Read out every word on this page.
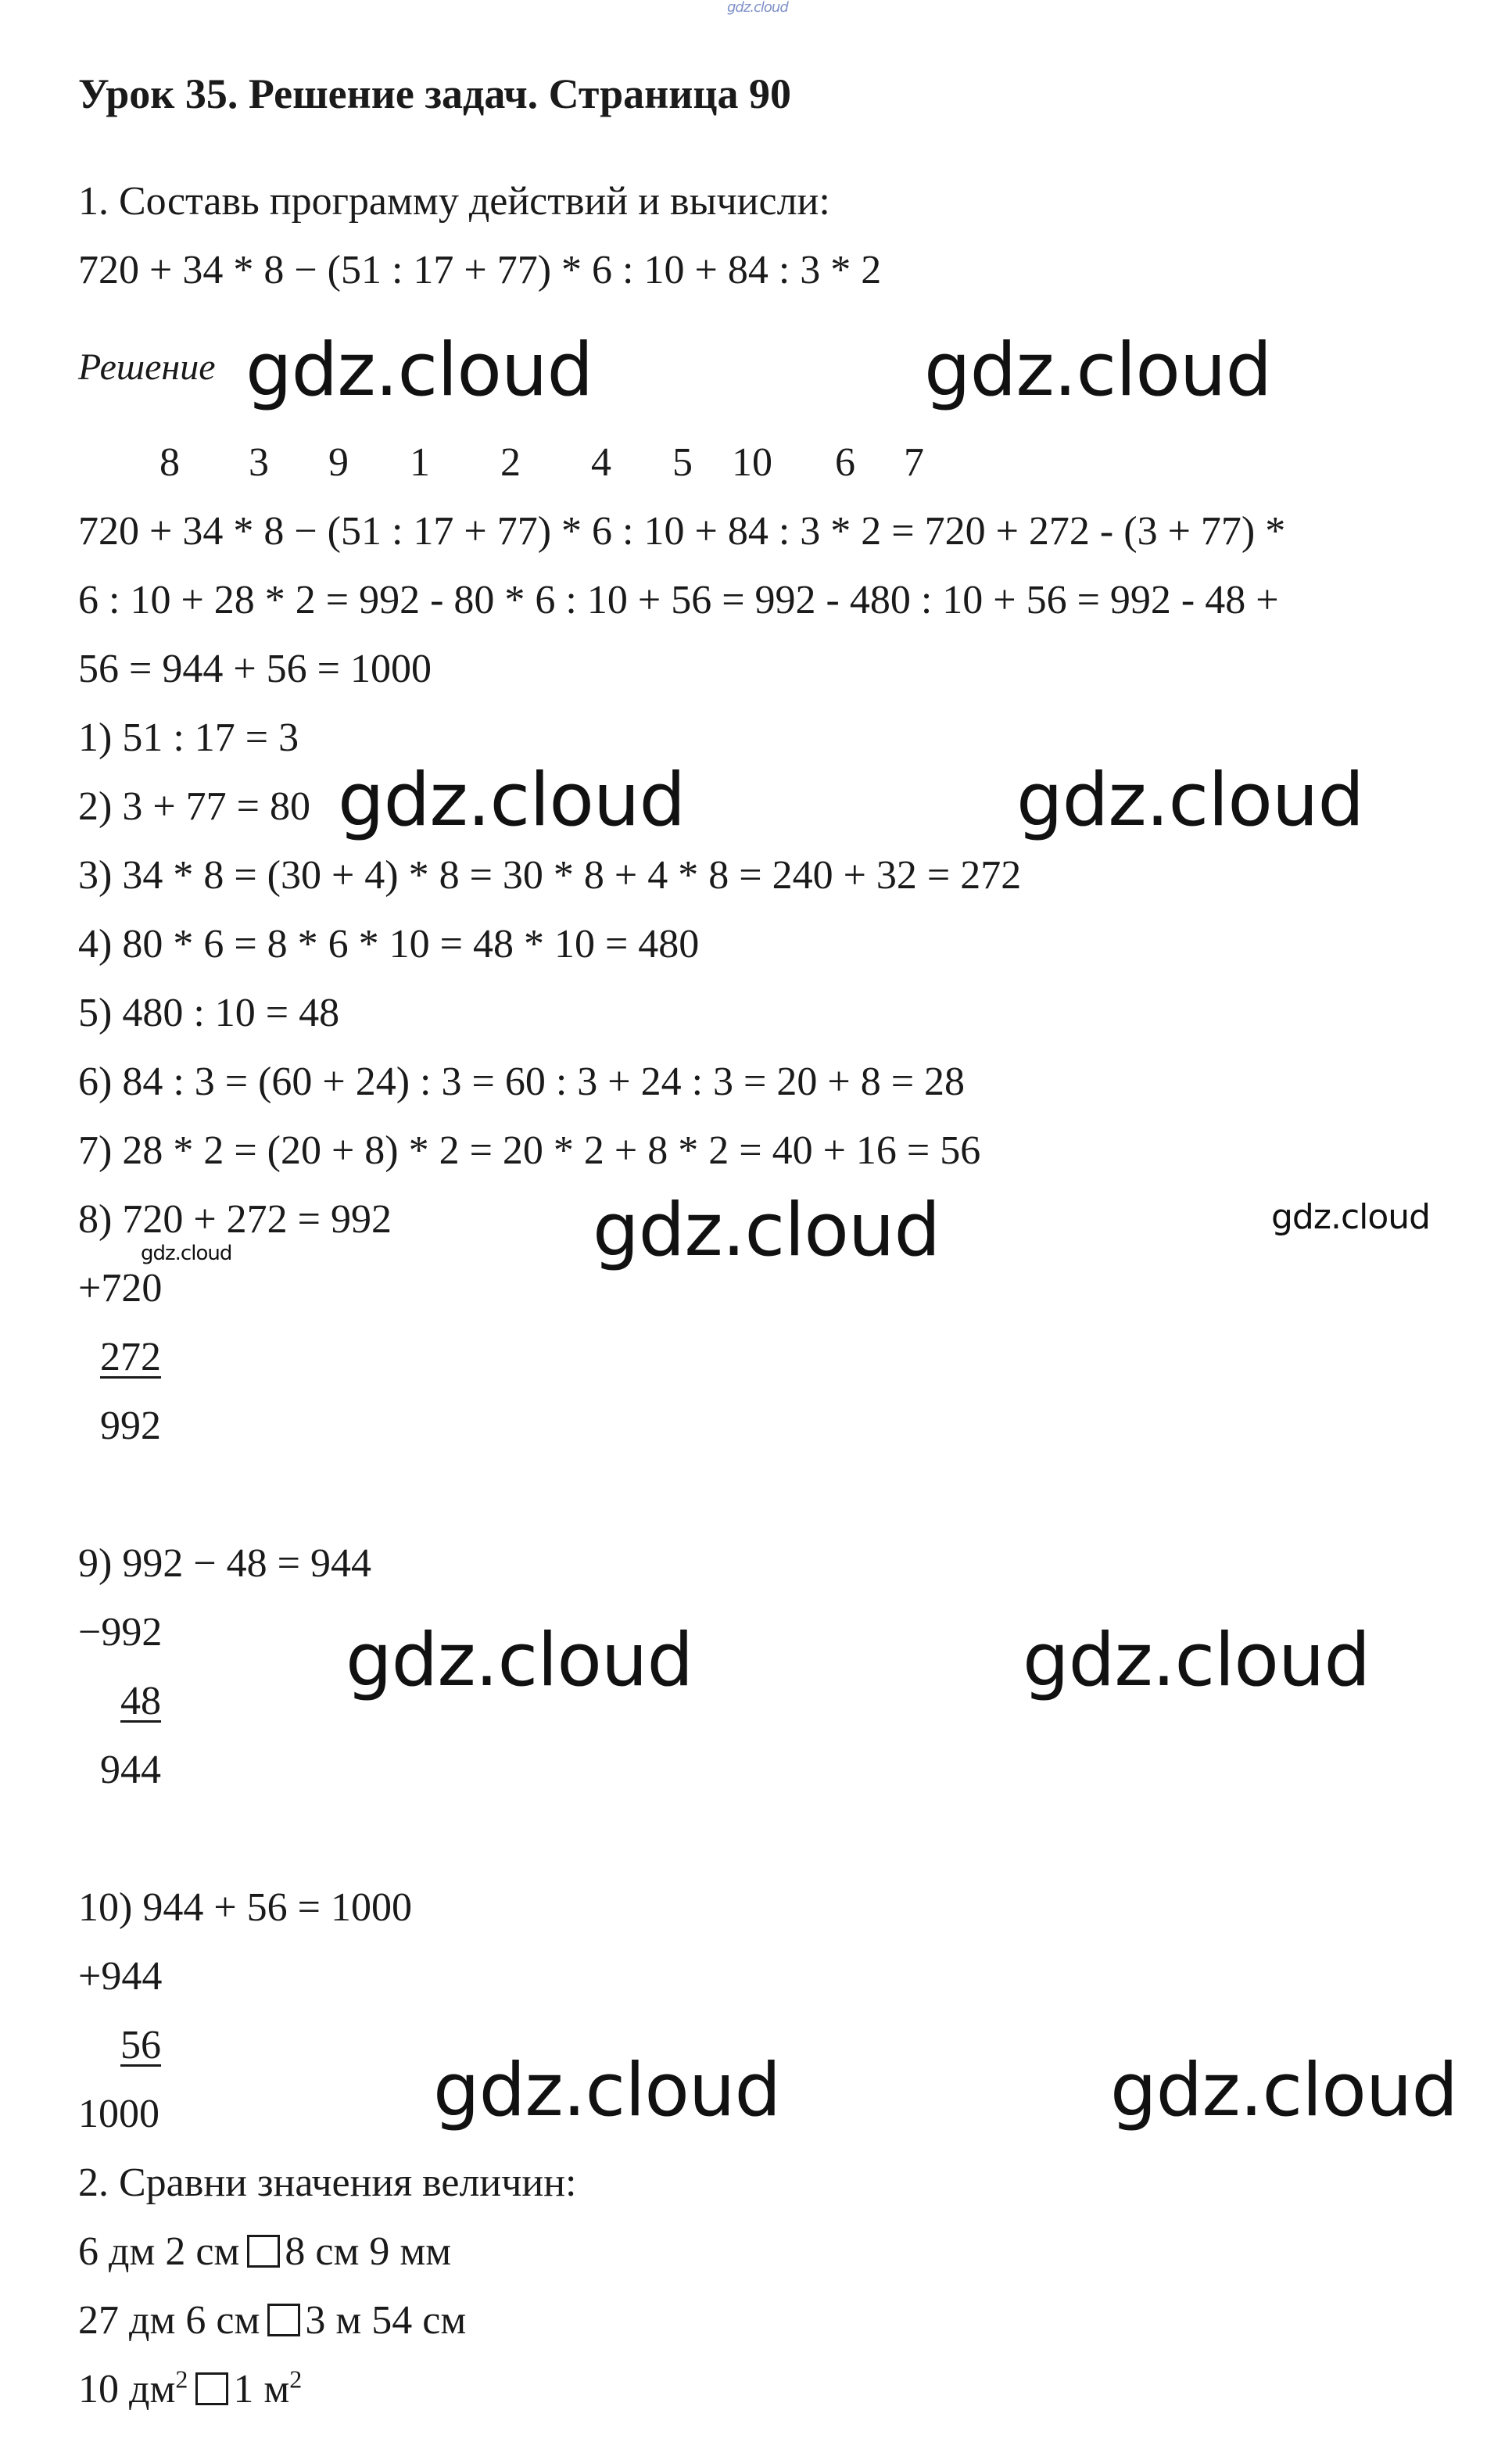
gdz.cloud
Урок 35. Решение задач. Страница 90
1. Составь программу действий и вычисли:
720 + 34 * 8 − (51 : 17 + 77) * 6 : 10 + 84 : 3 * 2
Решение
8 3 9 1 2 4 5 10 6 7
720 + 34 * 8 − (51 : 17 + 77) * 6 : 10 + 84 : 3 * 2 = 720 + 272 - (3 + 77) *
6 : 10 + 28 * 2 = 992 - 80 * 6 : 10 + 56 = 992 - 480 : 10 + 56 = 992 - 48 +
56 = 944 + 56 = 1000
1) 51 : 17 = 3
2) 3 + 77 = 80
3) 34 * 8 = (30 + 4) * 8 = 30 * 8 + 4 * 8 = 240 + 32 = 272
4) 80 * 6 = 8 * 6 * 10 = 48 * 10 = 480
5) 480 : 10 = 48
6) 84 : 3 = (60 + 24) : 3 = 60 : 3 + 24 : 3 = 20 + 8 = 28
7) 28 * 2 = (20 + 8) * 2 = 20 * 2 + 8 * 2 = 40 + 16 = 56
8) 720 + 272 = 992
+720
272
992
9) 992 − 48 = 944
−992
48
944
10) 944 + 56 = 1000
+944
56
1000
2. Сравни значения величин:
6 дм 2 см 8 см 9 мм
27 дм 6 см 3 м 54 см
10 $дм^2$ 1 $м^2$
gdz.cloud	gdz.cloud
gdz.cloud	gdz.cloud
gdz.cloud	gdz.cloud
gdz.cloud
gdz.cloud	gdz.cloud
gdz.cloud	gdz.cloud
